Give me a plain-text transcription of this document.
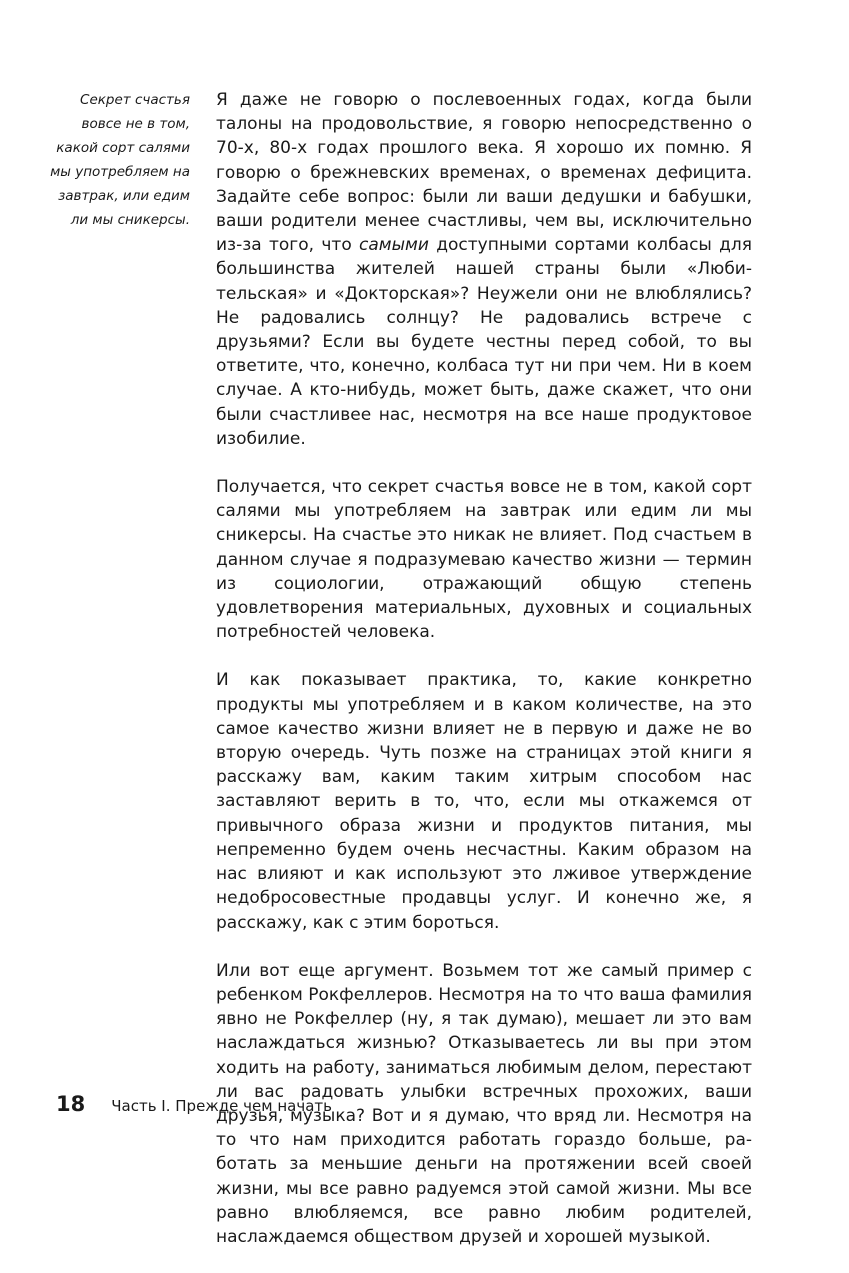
Секрет счастья вовсе не в том, какой сорт салями мы употребляем на завтрак, или едим ли мы сникерсы.

Я даже не говорю о послевоенных годах, когда были талоны на продовольствие, я говорю непосредственно о 70-х, 80-х годах прошлого века. Я хорошо их помню. Я говорю о брежневских временах, о временах дефицита. Задайте себе вопрос: были ли ваши дедушки и бабушки, ваши родители менее счастливы, чем вы, исключительно из-за того, что самыми доступными сортами колбасы для большинства жителей нашей страны были «Любительская» и «Докторская»? Неужели они не влюблялись? Не радовались солнцу? Не радовались встрече с друзьями? Если вы будете честны перед собой, то вы ответите, что, конечно, колбаса тут ни при чем. Ни в коем случае. А кто-нибудь, может быть, даже скажет, что они были счастливее нас, несмотря на все наше продуктовое изобилие.

Получается, что секрет счастья вовсе не в том, какой сорт салями мы употребляем на завтрак или едим ли мы сникерсы. На счастье это никак не влияет. Под счастьем в данном случае я подразумеваю качество жизни — термин из социологии, отражающий общую степень удовлетворения материальных, духовных и социальных потребностей человека.

И как показывает практика, то, какие конкретно продукты мы употребляем и в каком количестве, на это самое качество жизни влияет не в первую и даже не во вторую очередь. Чуть позже на страницах этой книги я расскажу вам, каким таким хитрым способом нас заставляют верить в то, что, если мы откажемся от привычного образа жизни и продуктов питания, мы непременно будем очень несчастны. Каким образом на нас влияют и как используют это лживое утверждение недобросовестные продавцы услуг. И конечно же, я расскажу, как с этим бороться.

Или вот еще аргумент. Возьмем тот же самый пример с ребенком Рокфеллеров. Несмотря на то что ваша фамилия явно не Рокфеллер (ну, я так думаю), мешает ли это вам наслаждаться жизнью? Отказываетесь ли вы при этом ходить на работу, заниматься любимым делом, перестают ли вас радовать улыбки встречных прохожих, ваши друзья, музыка? Вот и я думаю, что вряд ли. Несмотря на то что нам приходится работать гораздо больше, работать за меньшие деньги на протяжении всей своей жизни, мы все равно радуемся этой самой жизни. Мы все равно влюбляемся, все равно любим родителей, наслаждаемся обществом друзей и хорошей музыкой.

18 Часть I. Прежде чем начать
